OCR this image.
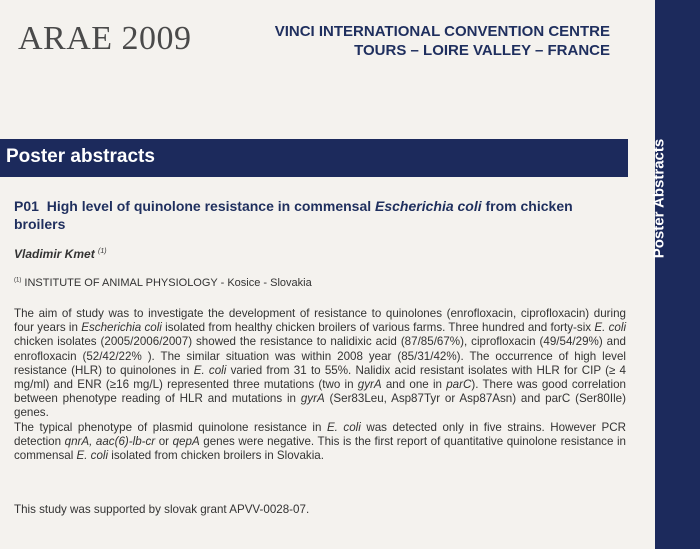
ARAE 2009	VINCI INTERNATIONAL CONVENTION CENTRE
TOURS – LOIRE VALLEY – FRANCE
Poster abstracts
P01 High level of quinolone resistance in commensal Escherichia coli from chicken broilers
Vladimir Kmet $^{(1)}$
$^{(1)}$ INSTITUTE OF ANIMAL PHYSIOLOGY - Kosice - Slovakia

The aim of study was to investigate the development of resistance to quinolones (enrofloxacin, ciprofloxacin) during four years in Escherichia coli isolated from healthy chicken broilers of various farms. Three hundred and forty-six E. coli chicken isolates (2005/2006/2007) showed the resistance to nalidixic acid (87/85/67%), ciprofloxacin (49/54/29%) and enrofloxacin (52/42/22% ). The similar situation was within 2008 year (85/31/42%). The occurrence of high level resistance (HLR) to quinolones in E. coli varied from 31 to 55%. Nalidix acid resistant isolates with HLR for CIP (≥ 4 mg/ml) and ENR (≥16 mg/L) represented three mutations (two in gyrA and one in parC). There was good correlation between phenotype reading of HLR and mutations in gyrA (Ser83Leu, Asp87Tyr or Asp87Asn) and parC (Ser80Ile) genes.

The typical phenotype of plasmid quinolone resistance in E. coli was detected only in five strains. However PCR detection qnrA, aac(6)-lb-cr or qepA genes were negative. This is the first report of quantitative quinolone resistance in commensal E. coli isolated from chicken broilers in Slovakia.

This study was supported by slovak grant APVV-0028-07.
Poster Abstracts
